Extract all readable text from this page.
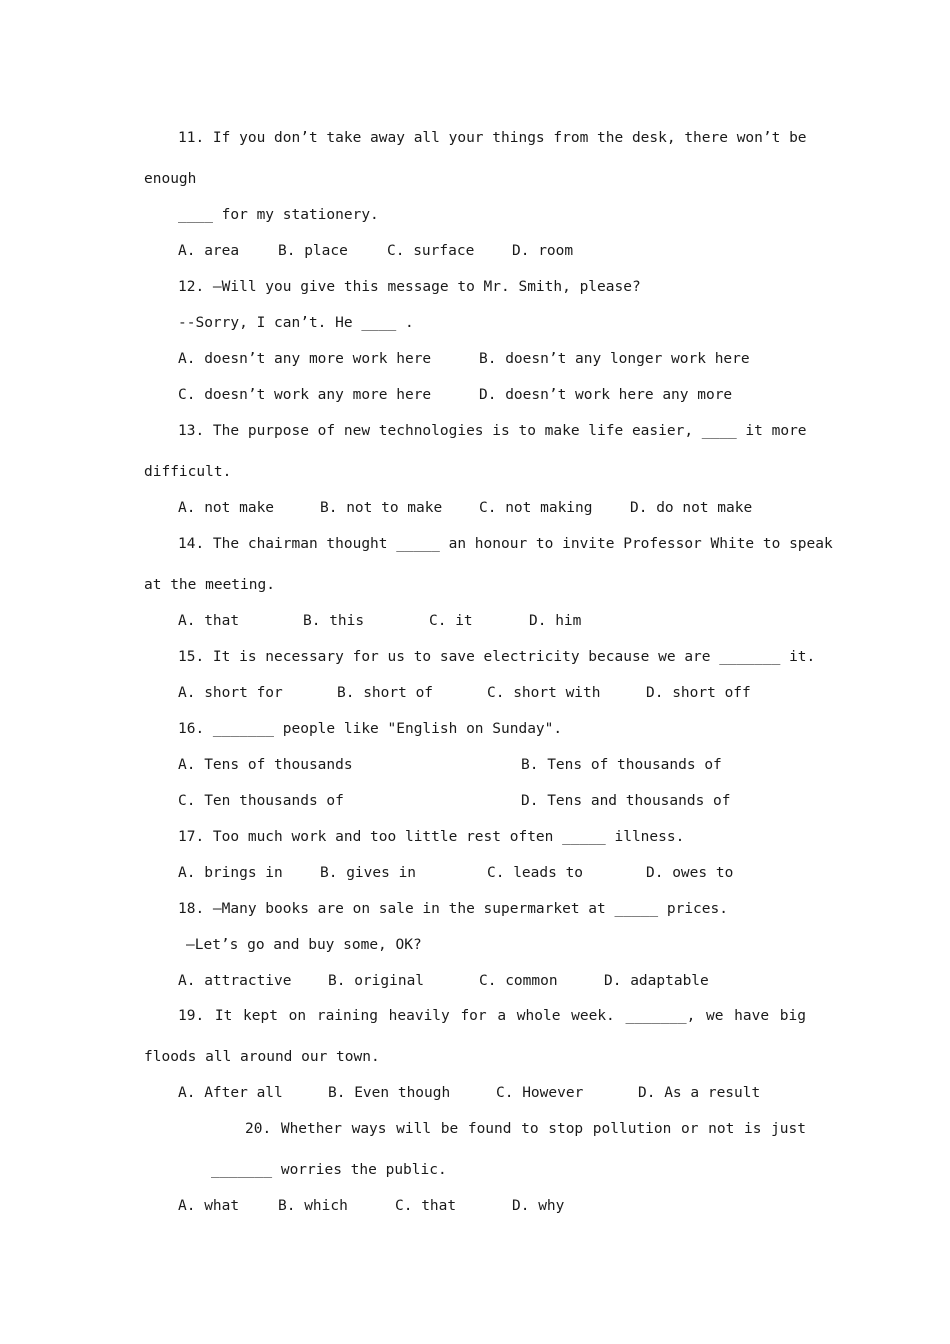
11. If you don’t take away all your things from the desk, there won’t be
enough
____ for my stationery.
A. area	B. place	C. surface	D. room
12. –Will you give this message to Mr. Smith, please?
--Sorry, I can’t. He ____ .
A. doesn’t any more work here	B. doesn’t any longer work here
C. doesn’t work any more here	D. doesn’t work here any more
13. The purpose of new technologies is to make life easier, ____ it more
difficult.
A. not make	B. not to make	C. not making	D. do not make
14. The chairman thought _____ an honour to invite Professor White to speak
at the meeting.
A. that	B. this	C. it	D. him
15. It is necessary for us to save electricity because we are _______ it.
A. short for	B. short of	C. short with	D. short off
16. _______ people like "English on Sunday".
A. Tens of thousands	B. Tens of thousands of
C. Ten thousands of	D. Tens and thousands of
17. Too much work and too little rest often _____ illness.
A. brings in	B. gives in	C. leads to	D. owes to
18. —Many books are on sale in the supermarket at _____ prices.
—Let’s go and buy some, OK?
A. attractive	B. original	C. common	D. adaptable
19. It kept on raining heavily for a whole week. _______, we have big
floods all around our town.
A. After all	B. Even though	C. However	D. As a result
20. Whether ways will be found to stop pollution or not is just
_______ worries the public.
A. what	B. which	C. that	D. why
